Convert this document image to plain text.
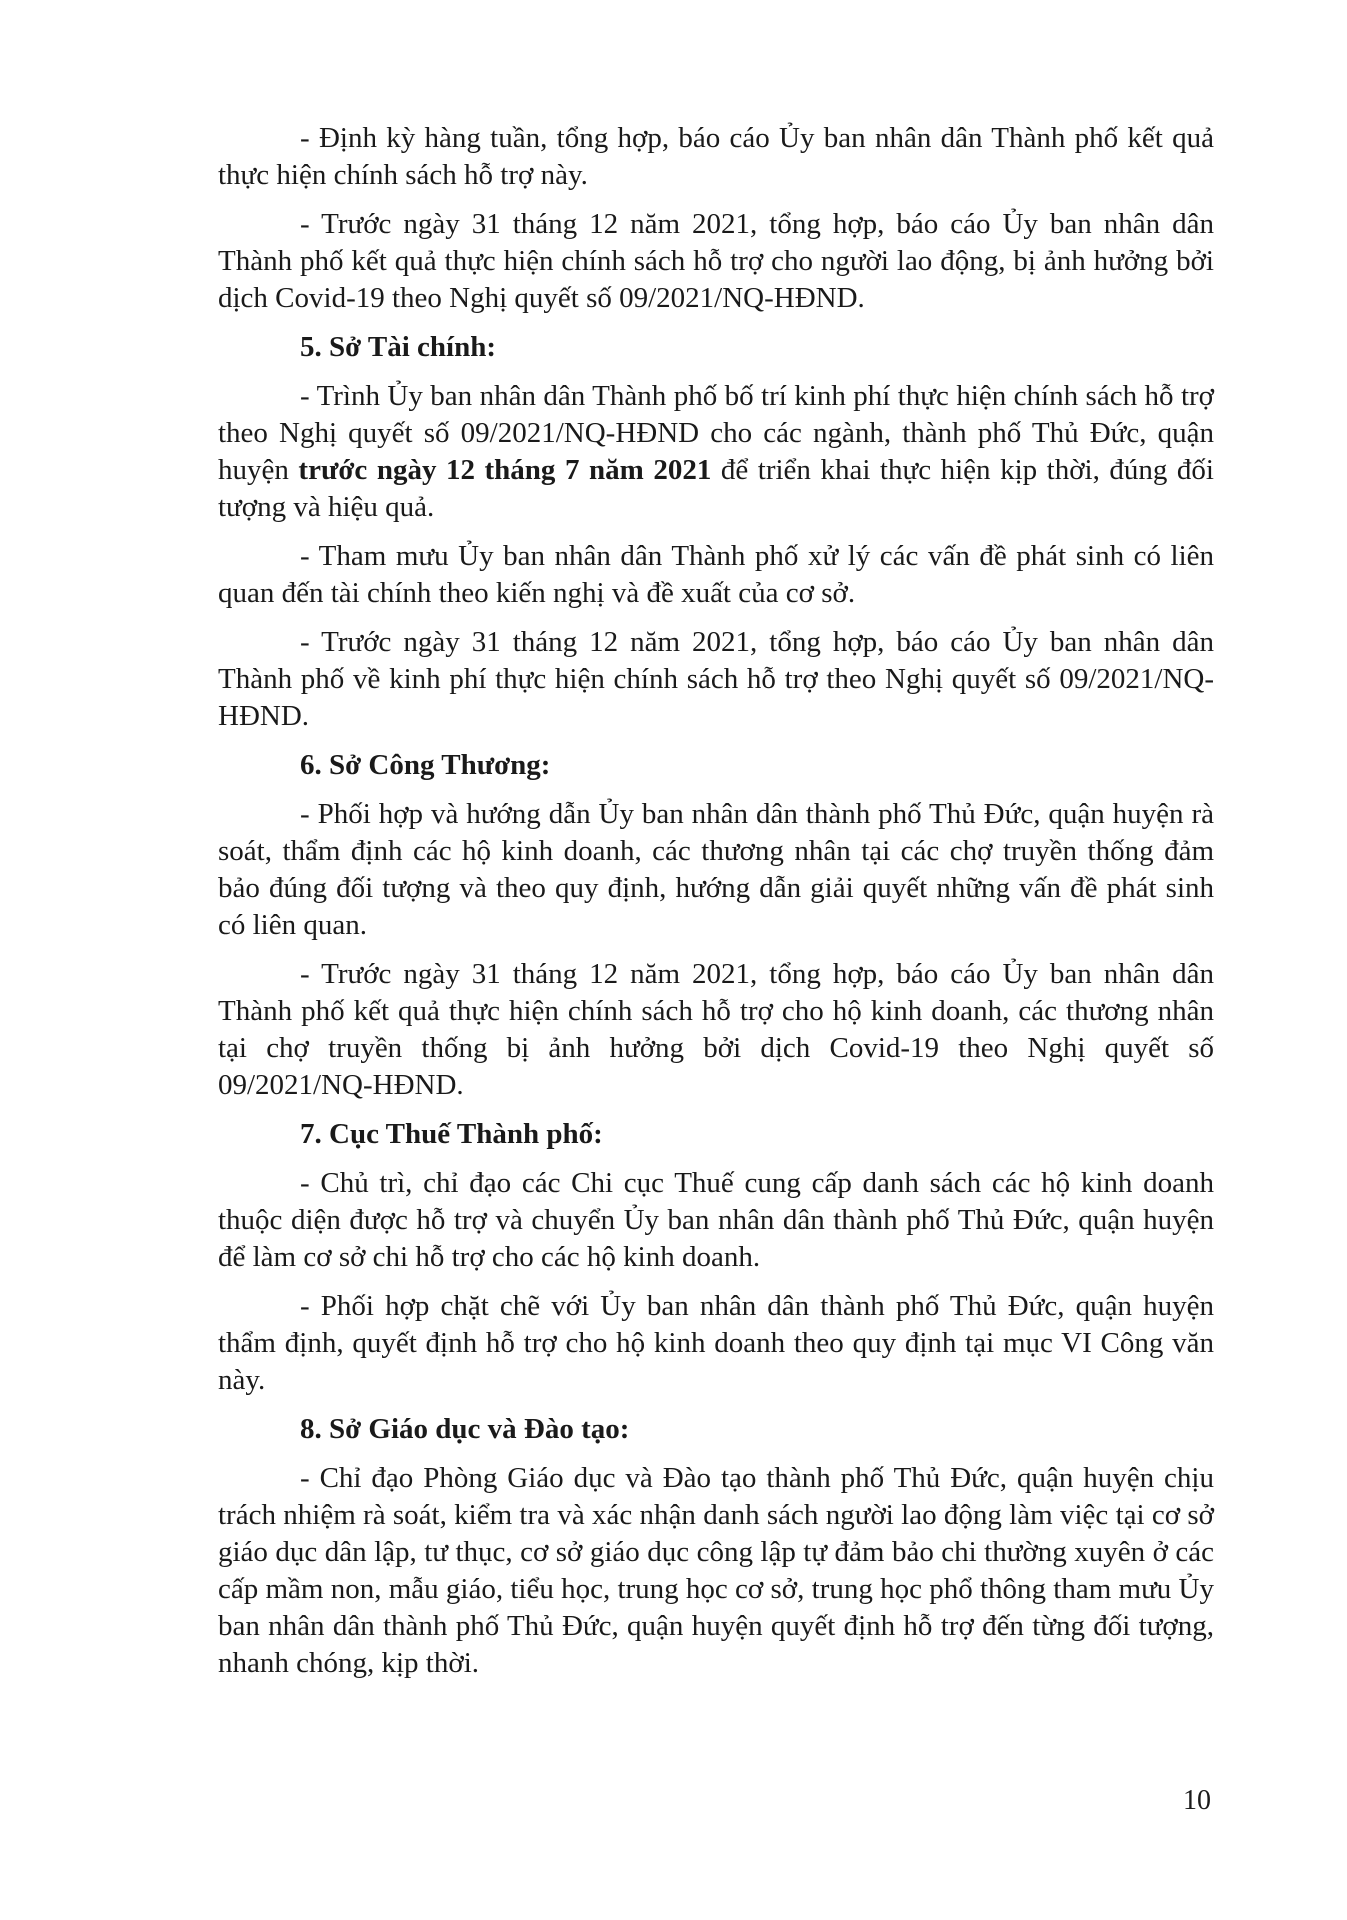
- Định kỳ hàng tuần, tổng hợp, báo cáo Ủy ban nhân dân Thành phố kết quả thực hiện chính sách hỗ trợ này.

- Trước ngày 31 tháng 12 năm 2021, tổng hợp, báo cáo Ủy ban nhân dân Thành phố kết quả thực hiện chính sách hỗ trợ cho người lao động, bị ảnh hưởng bởi dịch Covid-19 theo Nghị quyết số 09/2021/NQ-HĐND.

5. Sở Tài chính:

- Trình Ủy ban nhân dân Thành phố bố trí kinh phí thực hiện chính sách hỗ trợ theo Nghị quyết số 09/2021/NQ-HĐND cho các ngành, thành phố Thủ Đức, quận huyện trước ngày 12 tháng 7 năm 2021 để triển khai thực hiện kịp thời, đúng đối tượng và hiệu quả.

- Tham mưu Ủy ban nhân dân Thành phố xử lý các vấn đề phát sinh có liên quan đến tài chính theo kiến nghị và đề xuất của cơ sở.

- Trước ngày 31 tháng 12 năm 2021, tổng hợp, báo cáo Ủy ban nhân dân Thành phố về kinh phí thực hiện chính sách hỗ trợ theo Nghị quyết số 09/2021/NQ-HĐND.

6. Sở Công Thương:

- Phối hợp và hướng dẫn Ủy ban nhân dân thành phố Thủ Đức, quận huyện rà soát, thẩm định các hộ kinh doanh, các thương nhân tại các chợ truyền thống đảm bảo đúng đối tượng và theo quy định, hướng dẫn giải quyết những vấn đề phát sinh có liên quan.

- Trước ngày 31 tháng 12 năm 2021, tổng hợp, báo cáo Ủy ban nhân dân Thành phố kết quả thực hiện chính sách hỗ trợ cho hộ kinh doanh, các thương nhân tại chợ truyền thống bị ảnh hưởng bởi dịch Covid-19 theo Nghị quyết số 09/2021/NQ-HĐND.

7. Cục Thuế Thành phố:

- Chủ trì, chỉ đạo các Chi cục Thuế cung cấp danh sách các hộ kinh doanh thuộc diện được hỗ trợ và chuyển Ủy ban nhân dân thành phố Thủ Đức, quận huyện để làm cơ sở chi hỗ trợ cho các hộ kinh doanh.

- Phối hợp chặt chẽ với Ủy ban nhân dân thành phố Thủ Đức, quận huyện thẩm định, quyết định hỗ trợ cho hộ kinh doanh theo quy định tại mục VI Công văn này.

8. Sở Giáo dục và Đào tạo:

- Chỉ đạo Phòng Giáo dục và Đào tạo thành phố Thủ Đức, quận huyện chịu trách nhiệm rà soát, kiểm tra và xác nhận danh sách người lao động làm việc tại cơ sở giáo dục dân lập, tư thục, cơ sở giáo dục công lập tự đảm bảo chi thường xuyên ở các cấp mầm non, mẫu giáo, tiểu học, trung học cơ sở, trung học phổ thông tham mưu Ủy ban nhân dân thành phố Thủ Đức, quận huyện quyết định hỗ trợ đến từng đối tượng, nhanh chóng, kịp thời.

10
